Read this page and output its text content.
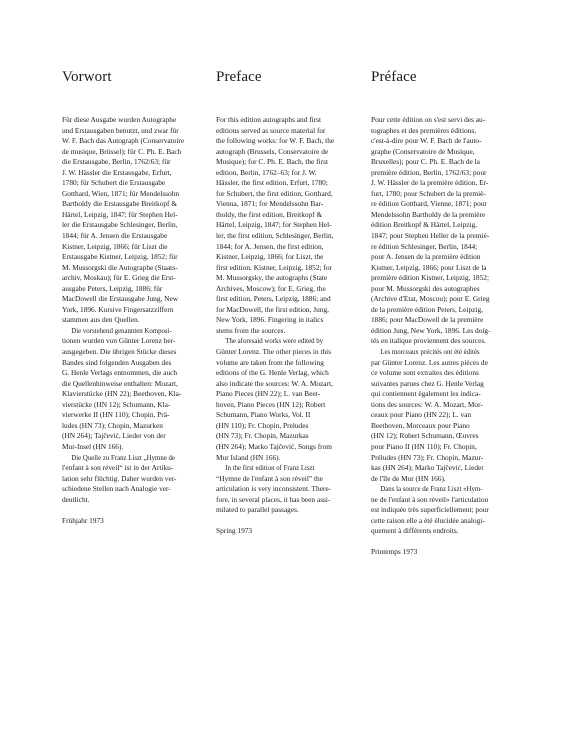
Vorwort
Für diese Ausgabe wurden Autographe
und Erstausgaben benutzt, und zwar für
W. F. Bach das Autograph (Conservatoire
de musique, Brüssel); für C. Ph. E. Bach
die Erstausgabe, Berlin, 1762/63; für
J. W. Hässler die Erstausgabe, Erfurt,
1780; für Schubert die Erstausgabe
Gotthard, Wien, 1871; für Mendelssohn
Bartholdy die Erstausgabe Breitkopf &
Härtel, Leipzig, 1847; für Stephen Hel-
ler die Erstausgabe Schlesinger, Berlin,
1844; für A. Jensen die Erstausgabe
Kistner, Leipzig, 1866; für Liszt die
Erstausgabe Kistner, Leipzig, 1852; für
M. Mussorgski die Autographe (Staats-
archiv, Moskau); für E. Grieg die Erst-
ausgabe Peters, Leipzig, 1886; für
MacDowell die Erstausgabe Jung, New
York, 1896. Kursive Fingersatzziffern
stammen aus den Quellen.
Die vorstehend genannten Komposi-
tionen wurden von Günter Lorenz her-
ausgegeben. Die übrigen Stücke dieses
Bandes sind folgenden Ausgaben des
G. Henle Verlags entnommen, die auch
die Quellenhinweise enthalten: Mozart,
Klavierstücke (HN 22); Beethoven, Kla-
vierstücke (HN 12); Schumann, Kla-
vierwerke II (HN 110); Chopin, Prä-
ludes (HN 73); Chopin, Mazurken
(HN 264); Tajčević, Lieder von der
Mur-Insel (HN 166).
Die Quelle zu Franz Liszt „Hymne de
l'enfant à son réveil“ ist in der Artiku-
lation sehr flüchtig. Daher wurden ver-
schiedene Stellen nach Analogie ver-
deutlicht.
Frühjahr 1973
Preface
For this edition autographs and first
editions served as source material for
the following works: for W. F. Bach, the
autograph (Brussels, Conservatoire de
Musique); for C. Ph. E. Bach, the first
edition, Berlin, 1762–63; for J. W.
Hässler, the first edition, Erfurt, 1780;
for Schubert, the first edition, Gotthard,
Vienna, 1871; for Mendelssohn Bar-
tholdy, the first edition, Breitkopf &
Härtel, Leipzig, 1847; for Stephen Hel-
ler, the first edition, Schlesinger, Berlin,
1844; for A. Jensen, the first edition,
Kistner, Leipzig, 1866; for Liszt, the
first edition, Kistner, Leipzig, 1852; for
M. Mussorgsky, the autographs (State
Archives, Moscow); for E. Grieg, the
first edition, Peters, Leipzig, 1886; and
for MacDowell, the first edition, Jung,
New York, 1896. Fingering in italics
stems from the sources.
The aforesaid works were edited by
Günter Lorenz. The other pieces in this
volume are taken from the following
editions of the G. Henle Verlag, which
also indicate the sources: W. A. Mozart,
Piano Pieces (HN 22); L. van Beet-
hoven, Piano Pieces (HN 12); Robert
Schumann, Piano Works, Vol. II
(HN 110); Fr. Chopin, Preludes
(HN 73); Fr. Chopin, Mazurkas
(HN 264); Marko Tajčević, Songs from
Mur Island (HN 166).
In the first edition of Franz Liszt
“Hymne de l'enfant à son réveil” the
articulation is very inconsistent. There-
fore, in several places, it has been assi-
milated to parallel passages.
Spring 1973
Préface
Pour cette édition on s'est servi des au-
tographes et des premières éditions,
c'est-à-dire pour W. F. Bach de l'auto-
graphe (Conservatoire de Musique,
Bruxelles); pour C. Ph. E. Bach de la
première édition, Berlin, 1762/63; pour
J. W. Hässler de la première édition, Er-
furt, 1780; pour Schubert de la premiè-
re édition Gotthard, Vienne, 1871; pour
Mendelssohn Bartholdy de la première
édition Breitkopf & Härtel, Leipzig,
1847; pour Stephen Heller de la premiè-
re édition Schlesinger, Berlin, 1844;
pour A. Jensen de la première édition
Kistner, Leipzig, 1866; pour Liszt de la
première édition Kistner, Leipzig, 1852;
pour M. Mussorgski des autographes
(Archive d'Etat, Moscou); pour E. Grieg
de la première édition Peters, Leipzig,
1886; pour MacDowell de la première
édition Jung, New York, 1896. Les doig-
tés en italique proviennent des sources.
Les morceaux précités ont été édités
par Günter Lorenz. Les autres pièces de
ce volume sont extraites des éditions
suivantes parues chez G. Henle Verlag
qui contiennent également les indica-
tions des sources: W. A. Mozart, Mor-
ceaux pour Piano (HN 22); L. van
Beethoven, Morceaux pour Piano
(HN 12); Robert Schumann, Œuvres
pour Piano II (HN 110); Fr. Chopin,
Préludes (HN 73); Fr. Chopin, Mazur-
kas (HN 264); Marko Tajčević, Lieder
de l'île de Mur (HN 166).
Dans la source de Franz Liszt «Hym-
ne de l'enfant à son réveil» l'articulation
est indiquée très superficiellement; pour
cette raison elle a été élucidée analogi-
quement à différents endroits.
Printemps 1973
